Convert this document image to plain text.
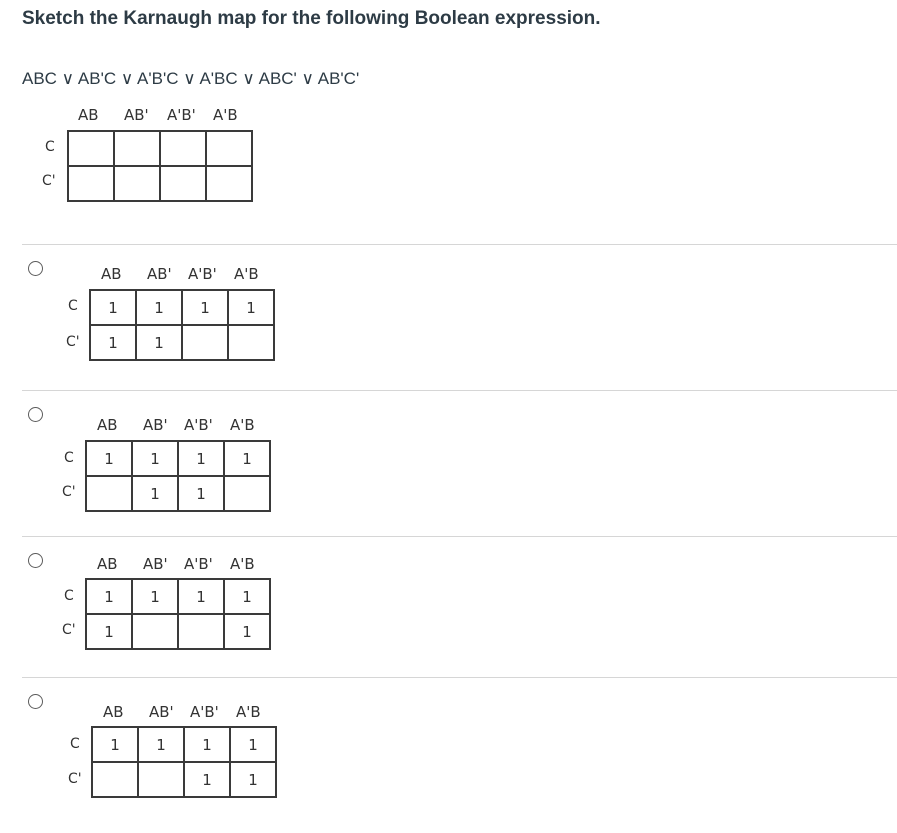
Sketch the Karnaugh map for the following Boolean expression.
ABC ∨ AB'C ∨ A'B'C ∨ A'BC ∨ ABC' ∨ AB'C'
AB AB' A'B' A'B
C
C'

AB AB' A'B' A'B
C
C'
1	1	1	1
1	1		
AB AB' A'B' A'B
C
C'
1	1	1	1
	1	1	
AB AB' A'B' A'B
C
C'
1	1	1	1
1			1
AB AB' A'B' A'B
C
C'
1	1	1	1
		1	1
